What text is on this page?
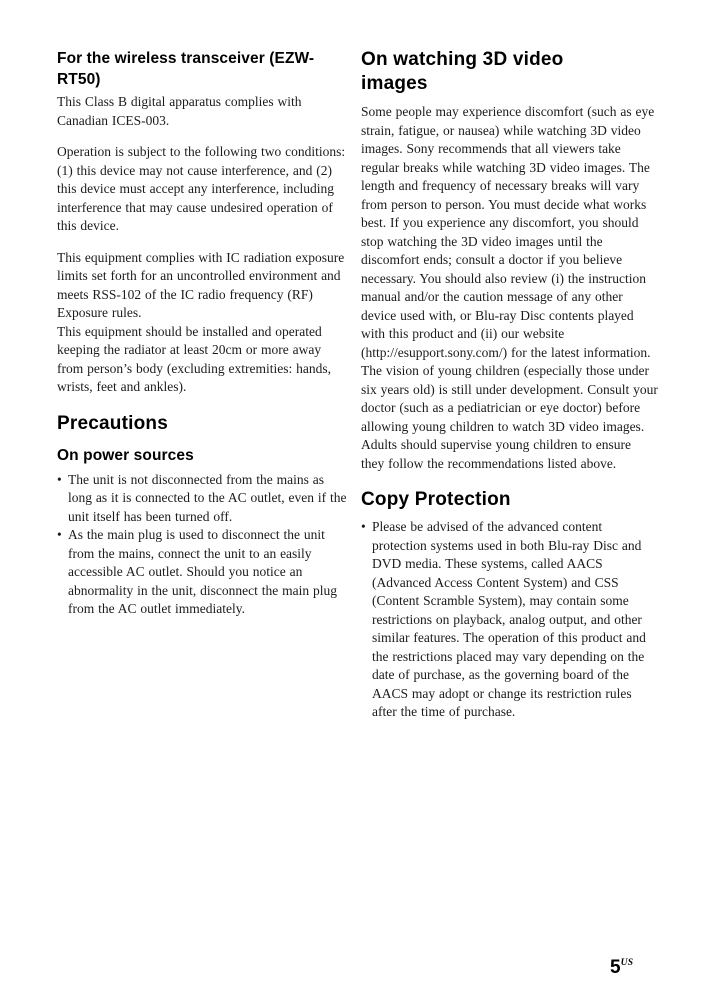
For the wireless transceiver (EZW-RT50)

This Class B digital apparatus complies with Canadian ICES-003.

Operation is subject to the following two conditions: (1) this device may not cause interference, and (2) this device must accept any interference, including interference that may cause undesired operation of this device.

This equipment complies with IC radiation exposure limits set forth for an uncontrolled environment and meets RSS-102 of the IC radio frequency (RF) Exposure rules.

This equipment should be installed and operated keeping the radiator at least 20cm or more away from person’s body (excluding extremities: hands, wrists, feet and ankles).

Precautions
On power sources
• The unit is not disconnected from the mains as long as it is connected to the AC outlet, even if the unit itself has been turned off.
• As the main plug is used to disconnect the unit from the mains, connect the unit to an easily accessible AC outlet. Should you notice an abnormality in the unit, disconnect the main plug from the AC outlet immediately.
On watching 3D video images

Some people may experience discomfort (such as eye strain, fatigue, or nausea) while watching 3D video images. Sony recommends that all viewers take regular breaks while watching 3D video images. The length and frequency of necessary breaks will vary from person to person. You must decide what works best. If you experience any discomfort, you should stop watching the 3D video images until the discomfort ends; consult a doctor if you believe necessary. You should also review (i) the instruction manual and/or the caution message of any other device used with, or Blu-ray Disc contents played with this product and (ii) our website (http://esupport.sony.com/) for the latest information. The vision of young children (especially those under six years old) is still under development. Consult your doctor (such as a pediatrician or eye doctor) before allowing young children to watch 3D video images.

Adults should supervise young children to ensure they follow the recommendations listed above.

Copy Protection
• Please be advised of the advanced content protection systems used in both Blu-ray Disc and DVD media. These systems, called AACS (Advanced Access Content System) and CSS (Content Scramble System), may contain some restrictions on playback, analog output, and other similar features. The operation of this product and the restrictions placed may vary depending on the date of purchase, as the governing board of the AACS may adopt or change its restriction rules after the time of purchase.
$5^{US}$
